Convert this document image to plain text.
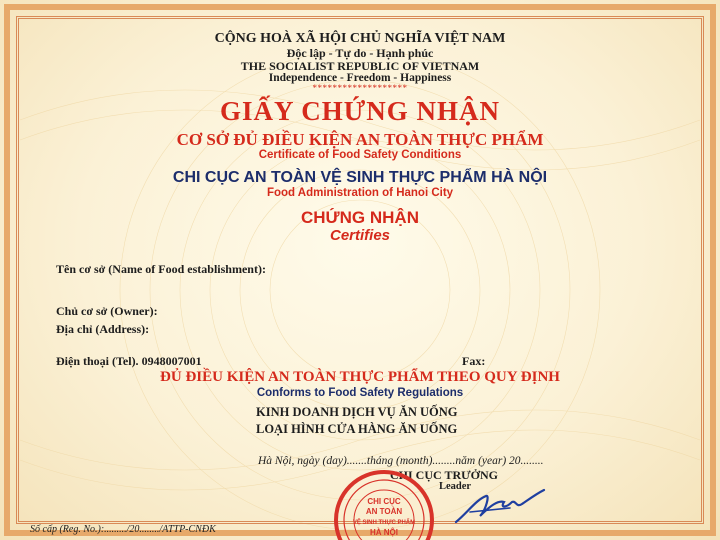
CỘNG HOÀ XÃ HỘI CHỦ NGHĨA VIỆT NAM
Độc lập - Tự do - Hạnh phúc
THE SOCIALIST REPUBLIC OF VIETNAM
Independence - Freedom - Happiness
*******************
GIẤY CHỨNG NHẬN
CƠ SỞ ĐỦ ĐIỀU KIỆN AN TOÀN THỰC PHẨM
Certificate of Food Safety Conditions
CHI CỤC AN TOÀN VỆ SINH THỰC PHẨM HÀ NỘI
Food Administration of Hanoi City
CHỨNG NHẬN
Certifies
Tên cơ sở (Name of Food establishment):
Chủ cơ sở (Owner):
Địa chỉ (Address):
Điện thoại (Tel). 0948007001	Fax:
ĐỦ ĐIỀU KIỆN AN TOÀN THỰC PHẨM THEO QUY ĐỊNH
Conforms to Food Safety Regulations
KINH DOANH DỊCH VỤ ĂN UỐNG
LOẠI HÌNH CỬA HÀNG ĂN UỐNG
Hà Nội, ngày (day).......tháng (month)........năm (year) 20........
CHI CỤC TRƯỞNG
Leader
Số cấp (Reg. No.):........./20......../ATTP-CNĐK
CHI CỤC
AN TOÀN
VỆ SINH THỰC PHẨM
HÀ NỘI
